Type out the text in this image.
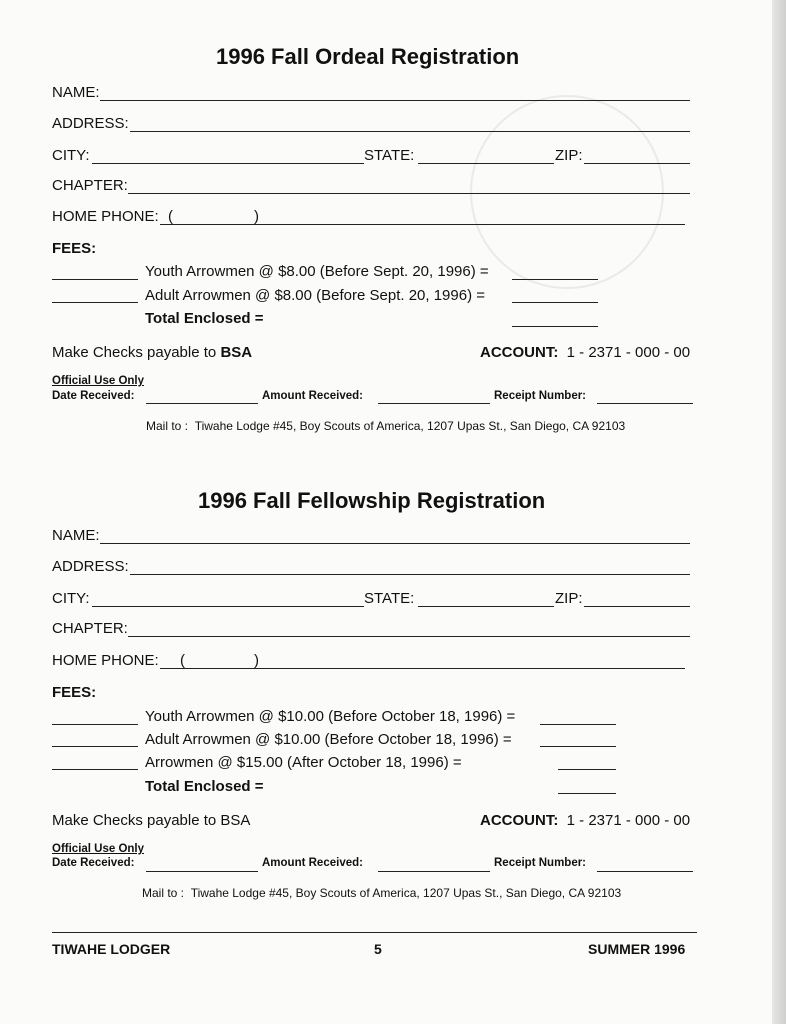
1996 Fall Ordeal Registration
NAME:
ADDRESS:
CITY:	STATE:	ZIP:
CHAPTER:
HOME PHONE: (	)
FEES:
Youth Arrowmen @ $8.00 (Before Sept. 20, 1996) =
Adult Arrowmen @ $8.00 (Before Sept. 20, 1996) =
Total Enclosed =
Make Checks payable to BSA	ACCOUNT: 1 - 2371 - 000 - 00
Official Use Only
Date Received:	Amount Received:	Receipt Number:
Mail to : Tiwahe Lodge #45, Boy Scouts of America, 1207 Upas St., San Diego, CA 92103
1996 Fall Fellowship Registration
NAME:
ADDRESS:
CITY:	STATE:	ZIP:
CHAPTER:
HOME PHONE: (	)
FEES:
Youth Arrowmen @ $10.00 (Before October 18, 1996) =
Adult Arrowmen @ $10.00 (Before October 18, 1996) =
Arrowmen @ $15.00 (After October 18, 1996) =
Total Enclosed =
Make Checks payable to BSA	ACCOUNT: 1 - 2371 - 000 - 00
Official Use Only
Date Received:	Amount Received:	Receipt Number:
Mail to : Tiwahe Lodge #45, Boy Scouts of America, 1207 Upas St., San Diego, CA 92103
TIWAHE LODGER	5	SUMMER 1996
